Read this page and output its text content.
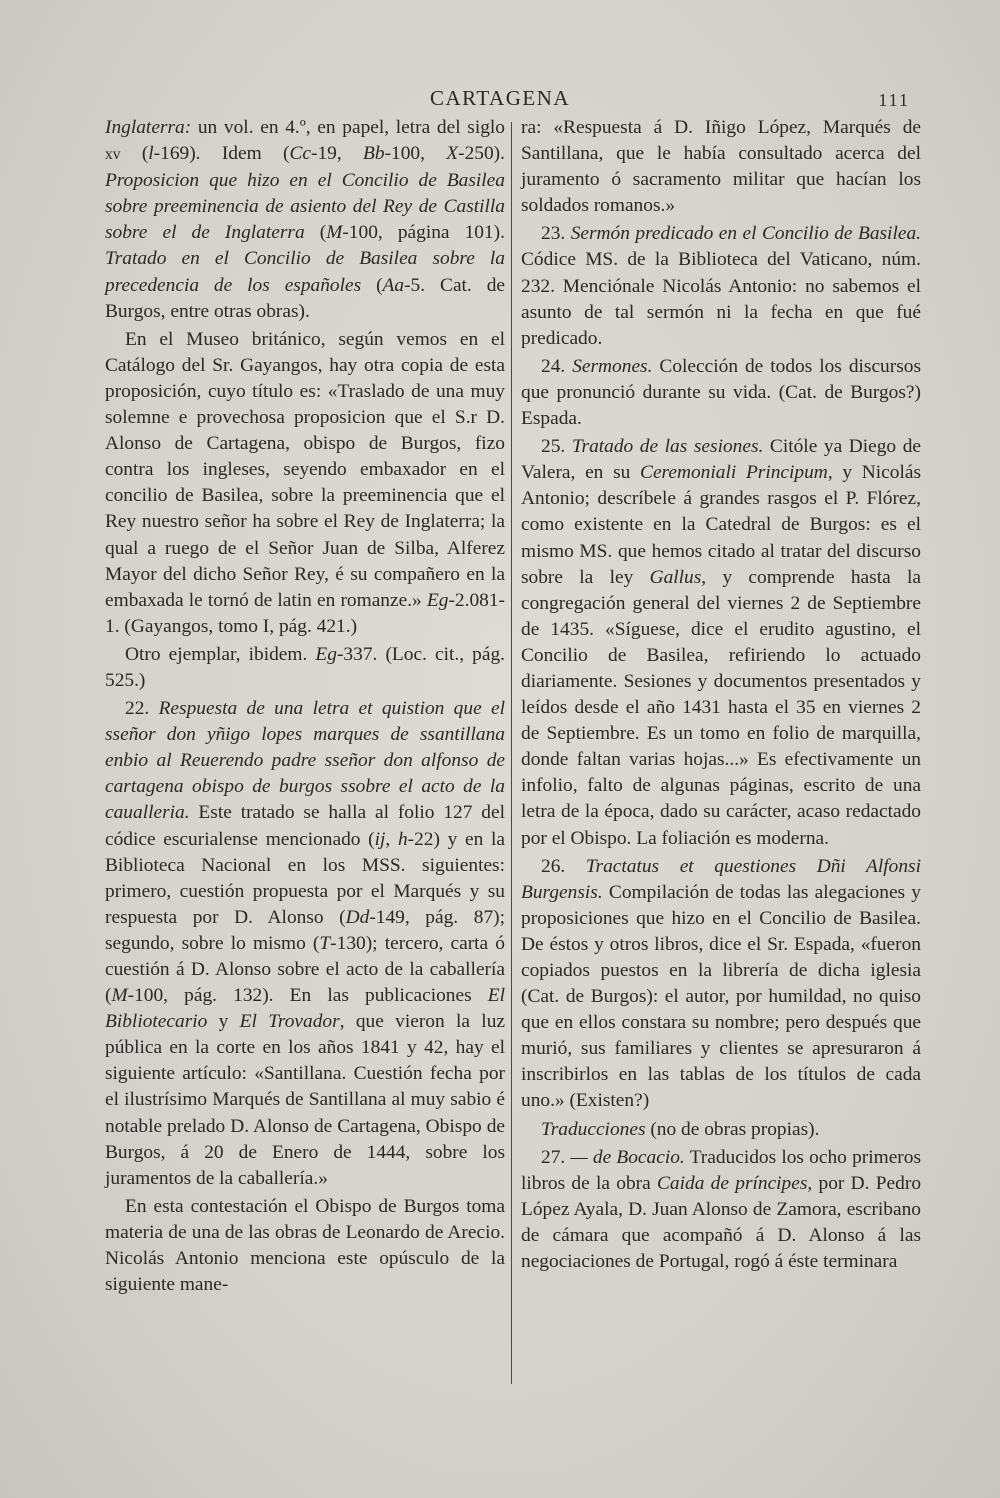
CARTAGENA	111

Inglaterra: un vol. en 4.º, en papel, letra del siglo xv (l-169). Idem (Cc-19, Bb-100, X-250). Proposicion que hizo en el Concilio de Basilea sobre preeminencia de asiento del Rey de Castilla sobre el de Inglaterra (M-100, página 101). Tratado en el Concilio de Basilea sobre la precedencia de los españoles (Aa-5. Cat. de Burgos, entre otras obras).

En el Museo británico, según vemos en el Catálogo del Sr. Gayangos, hay otra copia de esta proposición, cuyo título es: «Traslado de una muy solemne e provechosa proposicion que el S.r D. Alonso de Cartagena, obispo de Burgos, fizo contra los ingleses, seyendo embaxador en el concilio de Basilea, sobre la preeminencia que el Rey nuestro señor ha sobre el Rey de Inglaterra; la qual a ruego de el Señor Juan de Silba, Alferez Mayor del dicho Señor Rey, é su compañero en la embaxada le tornó de latin en romanze.» Eg-2.081-1. (Gayangos, tomo I, pág. 421.)

Otro ejemplar, ibidem. Eg-337. (Loc. cit., pág. 525.)

22. Respuesta de una letra et quistion que el sseñor don yñigo lopes marques de ssantillana enbio al Reuerendo padre sseñor don alfonso de cartagena obispo de burgos ssobre el acto de la caualleria. Este tratado se halla al folio 127 del códice escurialense mencionado (ij, h-22) y en la Biblioteca Nacional en los MSS. siguientes: primero, cuestión propuesta por el Marqués y su respuesta por D. Alonso (Dd-149, pág. 87); segundo, sobre lo mismo (T-130); tercero, carta ó cuestión á D. Alonso sobre el acto de la caballería (M-100, pág. 132). En las publicaciones El Bibliotecario y El Trovador, que vieron la luz pública en la corte en los años 1841 y 42, hay el siguiente artículo: «Santillana. Cuestión fecha por el ilustrísimo Marqués de Santillana al muy sabio é notable prelado D. Alonso de Cartagena, Obispo de Burgos, á 20 de Enero de 1444, sobre los juramentos de la caballería.»

En esta contestación el Obispo de Burgos toma materia de una de las obras de Leonardo de Arecio. Nicolás Antonio menciona este opúsculo de la siguiente mane-

ra: «Respuesta á D. Iñigo López, Marqués de Santillana, que le había consultado acerca del juramento ó sacramento militar que hacían los soldados romanos.»

23. Sermón predicado en el Concilio de Basilea. Códice MS. de la Biblioteca del Vaticano, núm. 232. Menciónale Nicolás Antonio: no sabemos el asunto de tal sermón ni la fecha en que fué predicado.

24. Sermones. Colección de todos los discursos que pronunció durante su vida. (Cat. de Burgos?) Espada.

25. Tratado de las sesiones. Citóle ya Diego de Valera, en su Ceremoniali Principum, y Nicolás Antonio; descríbele á grandes rasgos el P. Flórez, como existente en la Catedral de Burgos: es el mismo MS. que hemos citado al tratar del discurso sobre la ley Gallus, y comprende hasta la congregación general del viernes 2 de Septiembre de 1435. «Síguese, dice el erudito agustino, el Concilio de Basilea, refiriendo lo actuado diariamente. Sesiones y documentos presentados y leídos desde el año 1431 hasta el 35 en viernes 2 de Septiembre. Es un tomo en folio de marquilla, donde faltan varias hojas...» Es efectivamente un infolio, falto de algunas páginas, escrito de una letra de la época, dado su carácter, acaso redactado por el Obispo. La foliación es moderna.

26. Tractatus et questiones Dñi Alfonsi Burgensis. Compilación de todas las alegaciones y proposiciones que hizo en el Concilio de Basilea. De éstos y otros libros, dice el Sr. Espada, «fueron copiados puestos en la librería de dicha iglesia (Cat. de Burgos): el autor, por humildad, no quiso que en ellos constara su nombre; pero después que murió, sus familiares y clientes se apresuraron á inscribirlos en las tablas de los títulos de cada uno.» (Existen?)

Traducciones (no de obras propias).

27. — de Bocacio. Traducidos los ocho primeros libros de la obra Caida de príncipes, por D. Pedro López Ayala, D. Juan Alonso de Zamora, escribano de cámara que acompañó á D. Alonso á las negociaciones de Portugal, rogó á éste terminara
